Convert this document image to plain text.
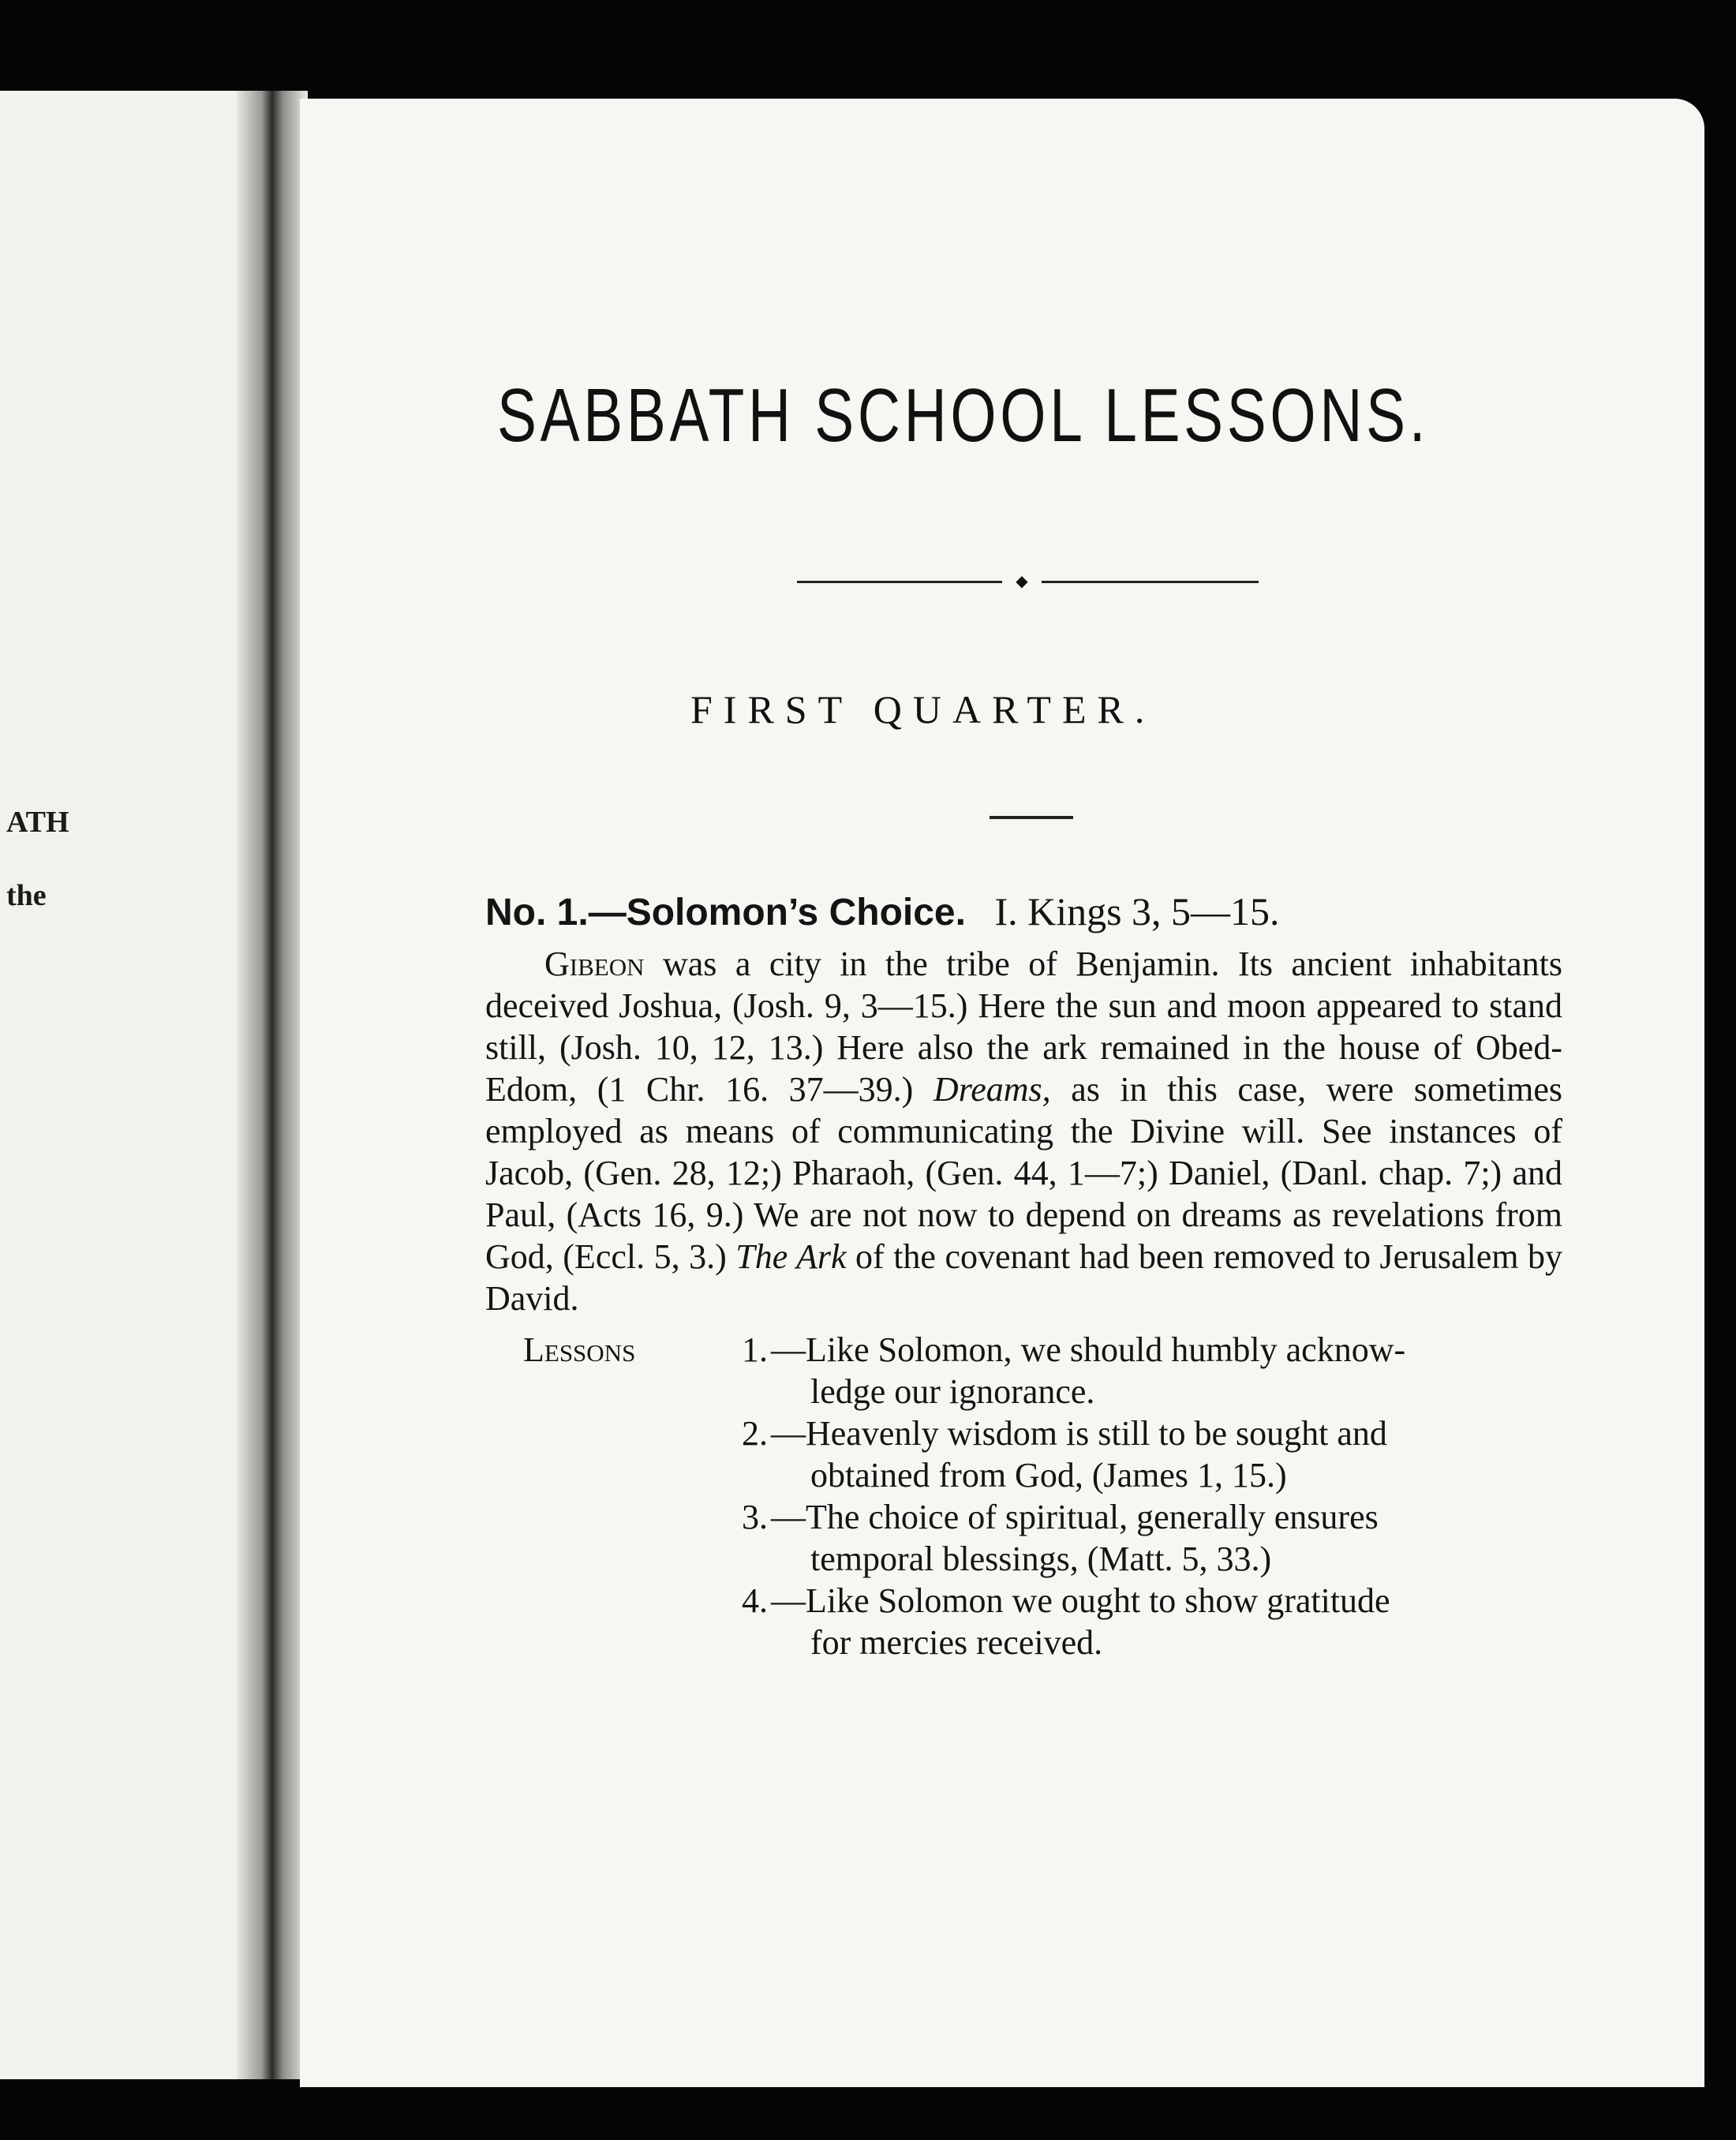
ATH
the
SABBATH SCHOOL LESSONS.
◆
FIRST QUARTER.
No. 1.—Solomon’s Choice. I. Kings 3, 5—15.
Gibeon was a city in the tribe of Benjamin. Its ancient inhabitants deceived Joshua, (Josh. 9, 3—15.) Here the sun and moon appeared to stand still, (Josh. 10, 12, 13.) Here also the ark remained in the house of Obed-Edom, (1 Chr. 16. 37—39.) Dreams, as in this case, were sometimes employed as means of communicating the Divine will. See instances of Jacob, (Gen. 28, 12;) Pharaoh, (Gen. 44, 1—7;) Daniel, (Danl. chap. 7;) and Paul, (Acts 16, 9.) We are not now to depend on dreams as revelations from God, (Eccl. 5, 3.) The Ark of the covenant had been removed to Jerusalem by David.
Lessons	1. —Like Solomon, we should humbly acknow-
ledge our ignorance.
2. —Heavenly wisdom is still to be sought and
obtained from God, (James 1, 15.)
3. —The choice of spiritual, generally ensures
temporal blessings, (Matt. 5, 33.)
4. —Like Solomon we ought to show gratitude
for mercies received.
